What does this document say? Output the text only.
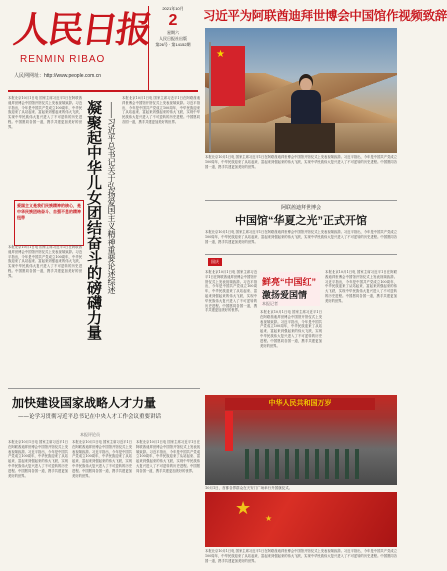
人民日报
RENMIN RIBAO
人民网网址：http://www.people.com.cn
2021年10月
2
星期六
人民日报社出版
第26号 · 第14152期
习近平为阿联酋迪拜世博会中国馆作视频致辞
★
本报北京10月1日电 国家主席习近平1日在阿联酋迪拜世博会中国馆开馆仪式上发表视频致辞。习近平指出，今年是中国共产党成立100周年，中华民族迎来了从站起来、富起来到强起来的伟大飞跃，实现中华民族伟大复兴进入了不可逆转的历史进程。中国愿同各国一道，携手共建更加美好的世界。
本报北京10月1日电 国家主席习近平1日在阿联酋迪拜世博会中国馆开馆仪式上发表视频致辞。习近平指出，今年是中国共产党成立100周年，中华民族迎来了从站起来、富起来到强起来的伟大飞跃，实现中华民族伟大复兴进入了不可逆转的历史进程。中国愿同各国一道，携手共建更加美好的世界。	凝聚起中华儿女团结奋斗的磅礴力量 ——习近平总书记关于弘扬爱国主义精神重要论述综述
爱国主义是我们民族精神的核心，是中华民族团结奋斗、自强不息的精神纽带
本报北京10月1日电 国家主席习近平1日在阿联酋迪拜世博会中国馆开馆仪式上发表视频致辞。习近平指出，今年是中国共产党成立100周年，中华民族迎来了从站起来、富起来到强起来的伟大飞跃，实现中华民族伟大复兴进入了不可逆转的历史进程。中国愿同各国一道，携手共建更加美好的世界。
本报北京10月1日电 国家主席习近平1日在阿联酋迪拜世博会中国馆开馆仪式上发表视频致辞。习近平指出，今年是中国共产党成立100周年，中华民族迎来了从站起来、富起来到强起来的伟大飞跃，实现中华民族伟大复兴进入了不可逆转的历史进程。中国愿同各国一道，携手共建更加美好的世界。
阿联酋迪拜世博会
中国馆“华夏之光”正式开馆
本报北京10月1日电 国家主席习近平1日在阿联酋迪拜世博会中国馆开馆仪式上发表视频致辞。习近平指出，今年是中国共产党成立100周年，中华民族迎来了从站起来、富起来到强起来的伟大飞跃，实现中华民族伟大复兴进入了不可逆转的历史进程。中国愿同各国一道，携手共建更加美好的世界。
国庆
鲜亮“中国红”
激扬爱国情
本报记者
本报北京10月1日电 国家主席习近平1日在阿联酋迪拜世博会中国馆开馆仪式上发表视频致辞。习近平指出，今年是中国共产党成立100周年，中华民族迎来了从站起来、富起来到强起来的伟大飞跃，实现中华民族伟大复兴进入了不可逆转的历史进程。中国愿同各国一道，携手共建更加美好的世界。
本报北京10月1日电 国家主席习近平1日在阿联酋迪拜世博会中国馆开馆仪式上发表视频致辞。习近平指出，今年是中国共产党成立100周年，中华民族迎来了从站起来、富起来到强起来的伟大飞跃，实现中华民族伟大复兴进入了不可逆转的历史进程。中国愿同各国一道，携手共建更加美好的世界。
本报北京10月1日电 国家主席习近平1日在阿联酋迪拜世博会中国馆开馆仪式上发表视频致辞。习近平指出，今年是中国共产党成立100周年，中华民族迎来了从站起来、富起来到强起来的伟大飞跃，实现中华民族伟大复兴进入了不可逆转的历史进程。中国愿同各国一道，携手共建更加美好的世界。
中华人民共和国万岁
10月1日，首都各界群众在天安门广场举行升国旗仪式。
★ ★
本报北京10月1日电 国家主席习近平1日在阿联酋迪拜世博会中国馆开馆仪式上发表视频致辞。习近平指出，今年是中国共产党成立100周年，中华民族迎来了从站起来、富起来到强起来的伟大飞跃，实现中华民族伟大复兴进入了不可逆转的历史进程。中国愿同各国一道，携手共建更加美好的世界。
加快建设国家战略人才力量
——论学习贯彻习近平总书记在中央人才工作会议重要讲话
本报评论员
本报北京10月1日电 国家主席习近平1日在阿联酋迪拜世博会中国馆开馆仪式上发表视频致辞。习近平指出，今年是中国共产党成立100周年，中华民族迎来了从站起来、富起来到强起来的伟大飞跃，实现中华民族伟大复兴进入了不可逆转的历史进程。中国愿同各国一道，携手共建更加美好的世界。
本报北京10月1日电 国家主席习近平1日在阿联酋迪拜世博会中国馆开馆仪式上发表视频致辞。习近平指出，今年是中国共产党成立100周年，中华民族迎来了从站起来、富起来到强起来的伟大飞跃，实现中华民族伟大复兴进入了不可逆转的历史进程。中国愿同各国一道，携手共建更加美好的世界。
本报北京10月1日电 国家主席习近平1日在阿联酋迪拜世博会中国馆开馆仪式上发表视频致辞。习近平指出，今年是中国共产党成立100周年，中华民族迎来了从站起来、富起来到强起来的伟大飞跃，实现中华民族伟大复兴进入了不可逆转的历史进程。中国愿同各国一道，携手共建更加美好的世界。
